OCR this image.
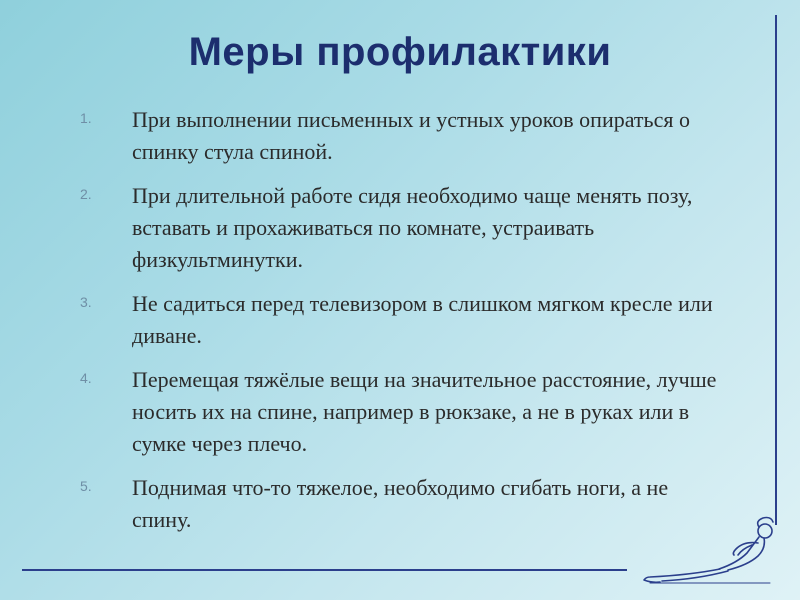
Меры профилактики
1. При выполнении письменных и устных уроков опираться о спинку стула спиной.
2. При длительной работе сидя необходимо чаще менять позу, вставать и прохаживаться по комнате, устраивать физкультминутки.
3. Не садиться перед телевизором в слишком мягком кресле или диване.
4. Перемещая тяжёлые вещи на значительное расстояние, лучше носить их на спине, например в рюкзаке, а не в руках или в сумке через плечо.
5. Поднимая что-то тяжелое, необходимо сгибать ноги, а не спину.
